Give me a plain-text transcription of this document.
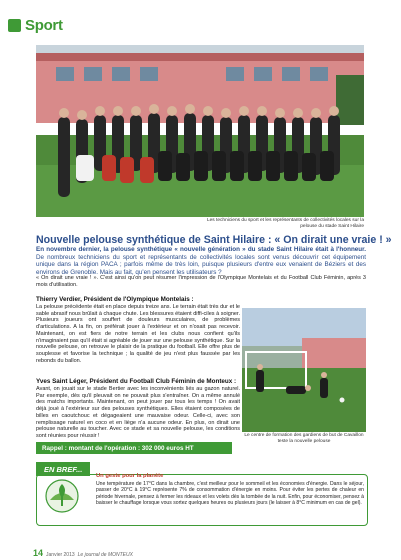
Sport
Les techniciens du sport et les représentants de collectivités locales sur la pelouse du stade Saint Hilaire
Nouvelle pelouse synthétique de Saint Hilaire : « On dirait une vraie ! »
En novembre dernier, la pelouse synthétique « nouvelle génération » du stade Saint Hilaire était à l'honneur. De nombreux techniciens du sport et représentants de collectivités locales sont venus découvrir cet équipement unique dans la région PACA ; parfois même de très loin, puisque plusieurs d'entre eux venaient de Béziers et des environs de Grenoble. Mais au fait, qu'en pensent les utilisateurs ?
« On dirait une vraie ! ». C'est ainsi qu'on peut résumer l'impression de l'Olympique Montelais et du Football Club Féminin, après 3 mois d'utilisation.
Thierry Verdier, Président de l'Olympique Montelais :
La pelouse précédente était en place depuis treize ans. Le terrain était très dur et le sable abrasif nous brûlait à chaque chute. Les blessures étaient diffi-ciles à soigner. Plusieurs joueurs ont souffert de douleurs musculaires, de problèmes d'articulations. A la fin, on préférait jouer à l'extérieur et on n'osait pas recevoir. Maintenant, on est fiers de notre terrain et les clubs nous confient qu'ils n'imaginaient pas qu'il était si agréable de jouer sur une pelouse synthétique. Sur la nouvelle pelouse, on retrouve le plaisir de la pratique du football. Elle offre plus de souplesse et favorise la technique ; la qualité de jeu n'est plus faussée par les rebonds du ballon.
Yves Saint Léger, Président du Football Club Féminin de Monteux :
Avant, on jouait sur le stade Bertier avec les inconvénients liés au gazon naturel. Par exemple, dès qu'il pleuvait on ne pouvait plus s'entraîner. On a même annulé des matchs importants. Maintenant, on peut jouer par tous les temps ! On avait déjà joué à l'extérieur sur des pelouses synthétiques. Elles étaient composées de billes en caoutchouc et dégageaient une mauvaise odeur. Celle-ci, avec son remplissage naturel en coco et en liège n'a aucune odeur. En plus, on dirait une pelouse naturelle au toucher. Avec ce stade et sa nouvelle pelouse, les conditions sont réunies pour réussir !	Le centre de formation des gardiens de but de Cavaillon teste la nouvelle pelouse
Rappel : montant de l'opération : 302 000 euros HT
EN BREF...
Un geste pour la planète
Une température de 17°C dans la chambre, c'est meilleur pour le sommeil et les économies d'énergie. Dans le séjour, passer de 20°C à 19°C représente 7% de consommation d'énergie en moins. Pour éviter les pertes de chaleur en période hivernale, pensez à fermer les rideaux et les volets dès la tombée de la nuit. Enfin, pour économiser, pensez à baisser le chauffage lorsque vous sortez quelques heures ou plusieurs jours (le laisser à 8°C minimum en cas de gel).
14 Janvier 2013 Le journal de MONTEUX
